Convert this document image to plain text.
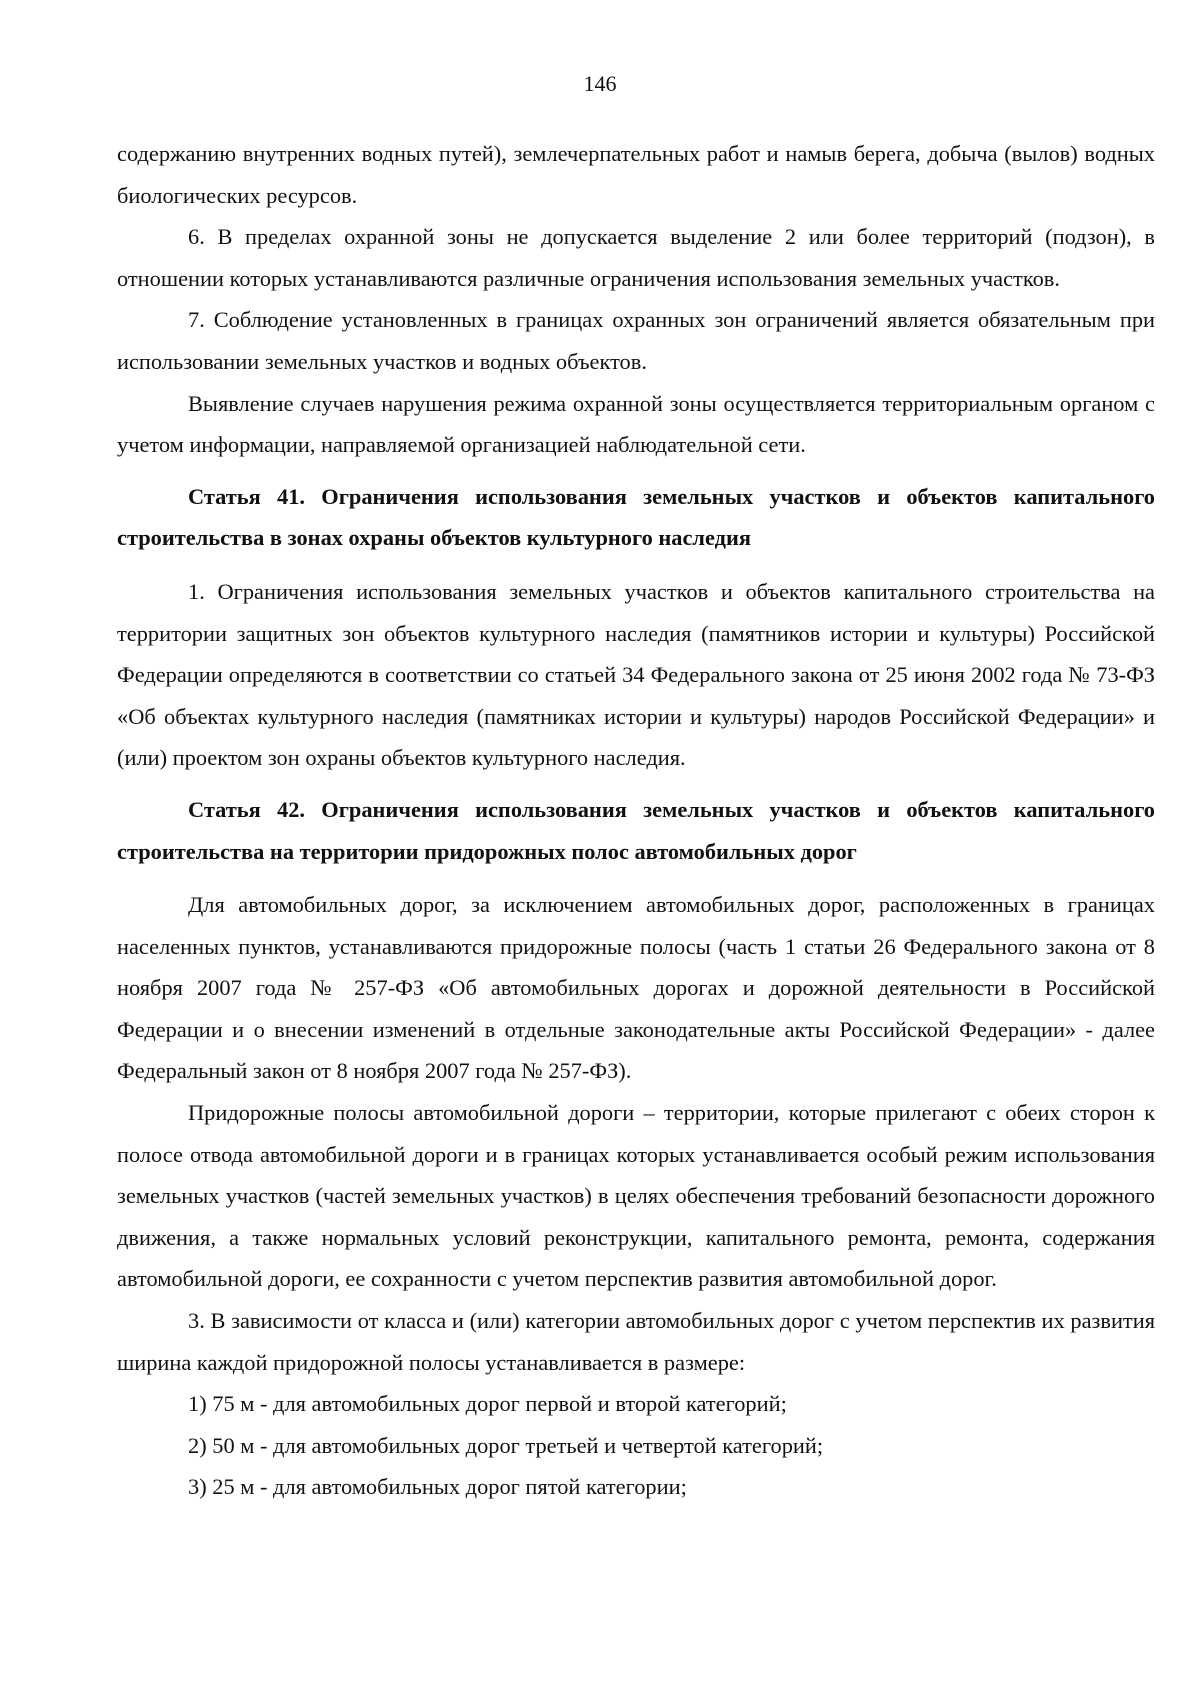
146

содержанию внутренних водных путей), землечерпательных работ и намыв берега, добыча (вылов) водных биологических ресурсов.

6. В пределах охранной зоны не допускается выделение 2 или более территорий (подзон), в отношении которых устанавливаются различные ограничения использования земельных участков.

7. Соблюдение установленных в границах охранных зон ограничений является обязательным при использовании земельных участков и водных объектов.

Выявление случаев нарушения режима охранной зоны осуществляется территориальным органом с учетом информации, направляемой организацией наблюдательной сети.

Статья 41. Ограничения использования земельных участков и объектов капитального строительства в зонах охраны объектов культурного наследия

1. Ограничения использования земельных участков и объектов капитального строительства на территории защитных зон объектов культурного наследия (памятников истории и культуры) Российской Федерации определяются в соответствии со статьей 34 Федерального закона от 25 июня 2002 года № 73-ФЗ «Об объектах культурного наследия (памятниках истории и культуры) народов Российской Федерации» и (или) проектом зон охраны объектов культурного наследия.

Статья 42. Ограничения использования земельных участков и объектов капитального строительства на территории придорожных полос автомобильных дорог

Для автомобильных дорог, за исключением автомобильных дорог, расположенных в границах населенных пунктов, устанавливаются придорожные полосы (часть 1 статьи 26 Федерального закона от 8 ноября 2007 года № 257-ФЗ «Об автомобильных дорогах и дорожной деятельности в Российской Федерации и о внесении изменений в отдельные законодательные акты Российской Федерации» - далее Федеральный закон от 8 ноября 2007 года № 257-ФЗ).

Придорожные полосы автомобильной дороги – территории, которые прилегают с обеих сторон к полосе отвода автомобильной дороги и в границах которых устанавливается особый режим использования земельных участков (частей земельных участков) в целях обеспечения требований безопасности дорожного движения, а также нормальных условий реконструкции, капитального ремонта, ремонта, содержания автомобильной дороги, ее сохранности с учетом перспектив развития автомобильной дорог.

3. В зависимости от класса и (или) категории автомобильных дорог с учетом перспектив их развития ширина каждой придорожной полосы устанавливается в размере:

1) 75 м - для автомобильных дорог первой и второй категорий;

2) 50 м - для автомобильных дорог третьей и четвертой категорий;

3) 25 м - для автомобильных дорог пятой категории;
